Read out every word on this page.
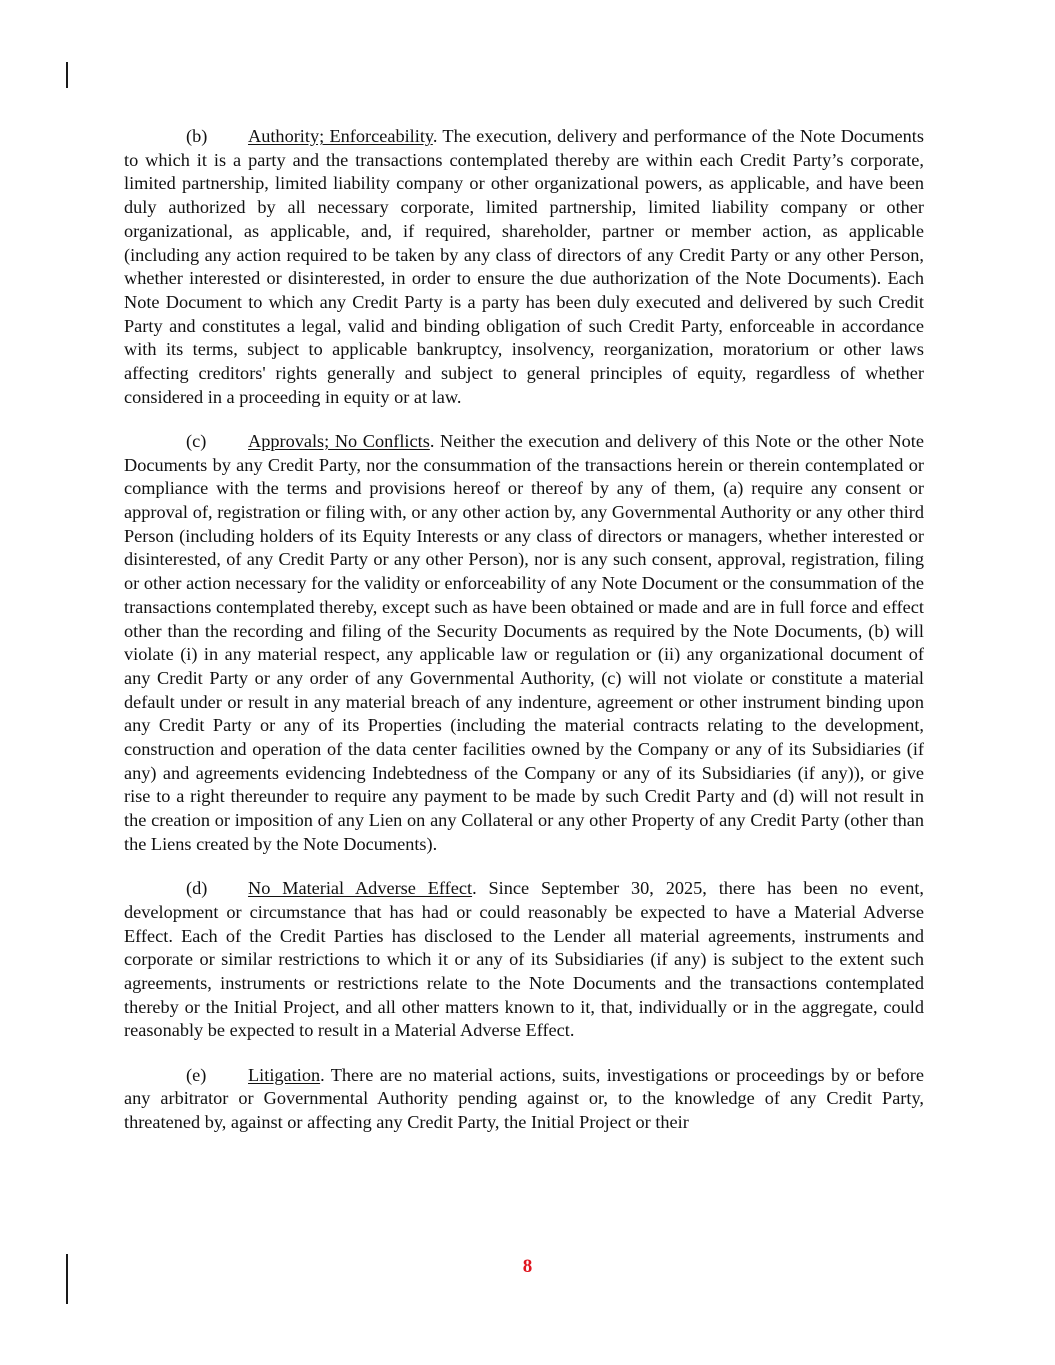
(b) Authority; Enforceability. The execution, delivery and performance of the Note Documents to which it is a party and the transactions contemplated thereby are within each Credit Party’s corporate, limited partnership, limited liability company or other organizational powers, as applicable, and have been duly authorized by all necessary corporate, limited partnership, limited liability company or other organizational, as applicable, and, if required, shareholder, partner or member action, as applicable (including any action required to be taken by any class of directors of any Credit Party or any other Person, whether interested or disinterested, in order to ensure the due authorization of the Note Documents). Each Note Document to which any Credit Party is a party has been duly executed and delivered by such Credit Party and constitutes a legal, valid and binding obligation of such Credit Party, enforceable in accordance with its terms, subject to applicable bankruptcy, insolvency, reorganization, moratorium or other laws affecting creditors' rights generally and subject to general principles of equity, regardless of whether considered in a proceeding in equity or at law.

(c) Approvals; No Conflicts. Neither the execution and delivery of this Note or the other Note Documents by any Credit Party, nor the consummation of the transactions herein or therein contemplated or compliance with the terms and provisions hereof or thereof by any of them, (a) require any consent or approval of, registration or filing with, or any other action by, any Governmental Authority or any other third Person (including holders of its Equity Interests or any class of directors or managers, whether interested or disinterested, of any Credit Party or any other Person), nor is any such consent, approval, registration, filing or other action necessary for the validity or enforceability of any Note Document or the consummation of the transactions contemplated thereby, except such as have been obtained or made and are in full force and effect other than the recording and filing of the Security Documents as required by the Note Documents, (b) will violate (i) in any material respect, any applicable law or regulation or (ii) any organizational document of any Credit Party or any order of any Governmental Authority, (c) will not violate or constitute a material default under or result in any material breach of any indenture, agreement or other instrument binding upon any Credit Party or any of its Properties (including the material contracts relating to the development, construction and operation of the data center facilities owned by the Company or any of its Subsidiaries (if any) and agreements evidencing Indebtedness of the Company or any of its Subsidiaries (if any)), or give rise to a right thereunder to require any payment to be made by such Credit Party and (d) will not result in the creation or imposition of any Lien on any Collateral or any other Property of any Credit Party (other than the Liens created by the Note Documents).

(d) No Material Adverse Effect. Since September 30, 2025, there has been no event, development or circumstance that has had or could reasonably be expected to have a Material Adverse Effect. Each of the Credit Parties has disclosed to the Lender all material agreements, instruments and corporate or similar restrictions to which it or any of its Subsidiaries (if any) is subject to the extent such agreements, instruments or restrictions relate to the Note Documents and the transactions contemplated thereby or the Initial Project, and all other matters known to it, that, individually or in the aggregate, could reasonably be expected to result in a Material Adverse Effect.

(e) Litigation. There are no material actions, suits, investigations or proceedings by or before any arbitrator or Governmental Authority pending against or, to the knowledge of any Credit Party, threatened by, against or affecting any Credit Party, the Initial Project or their

8
